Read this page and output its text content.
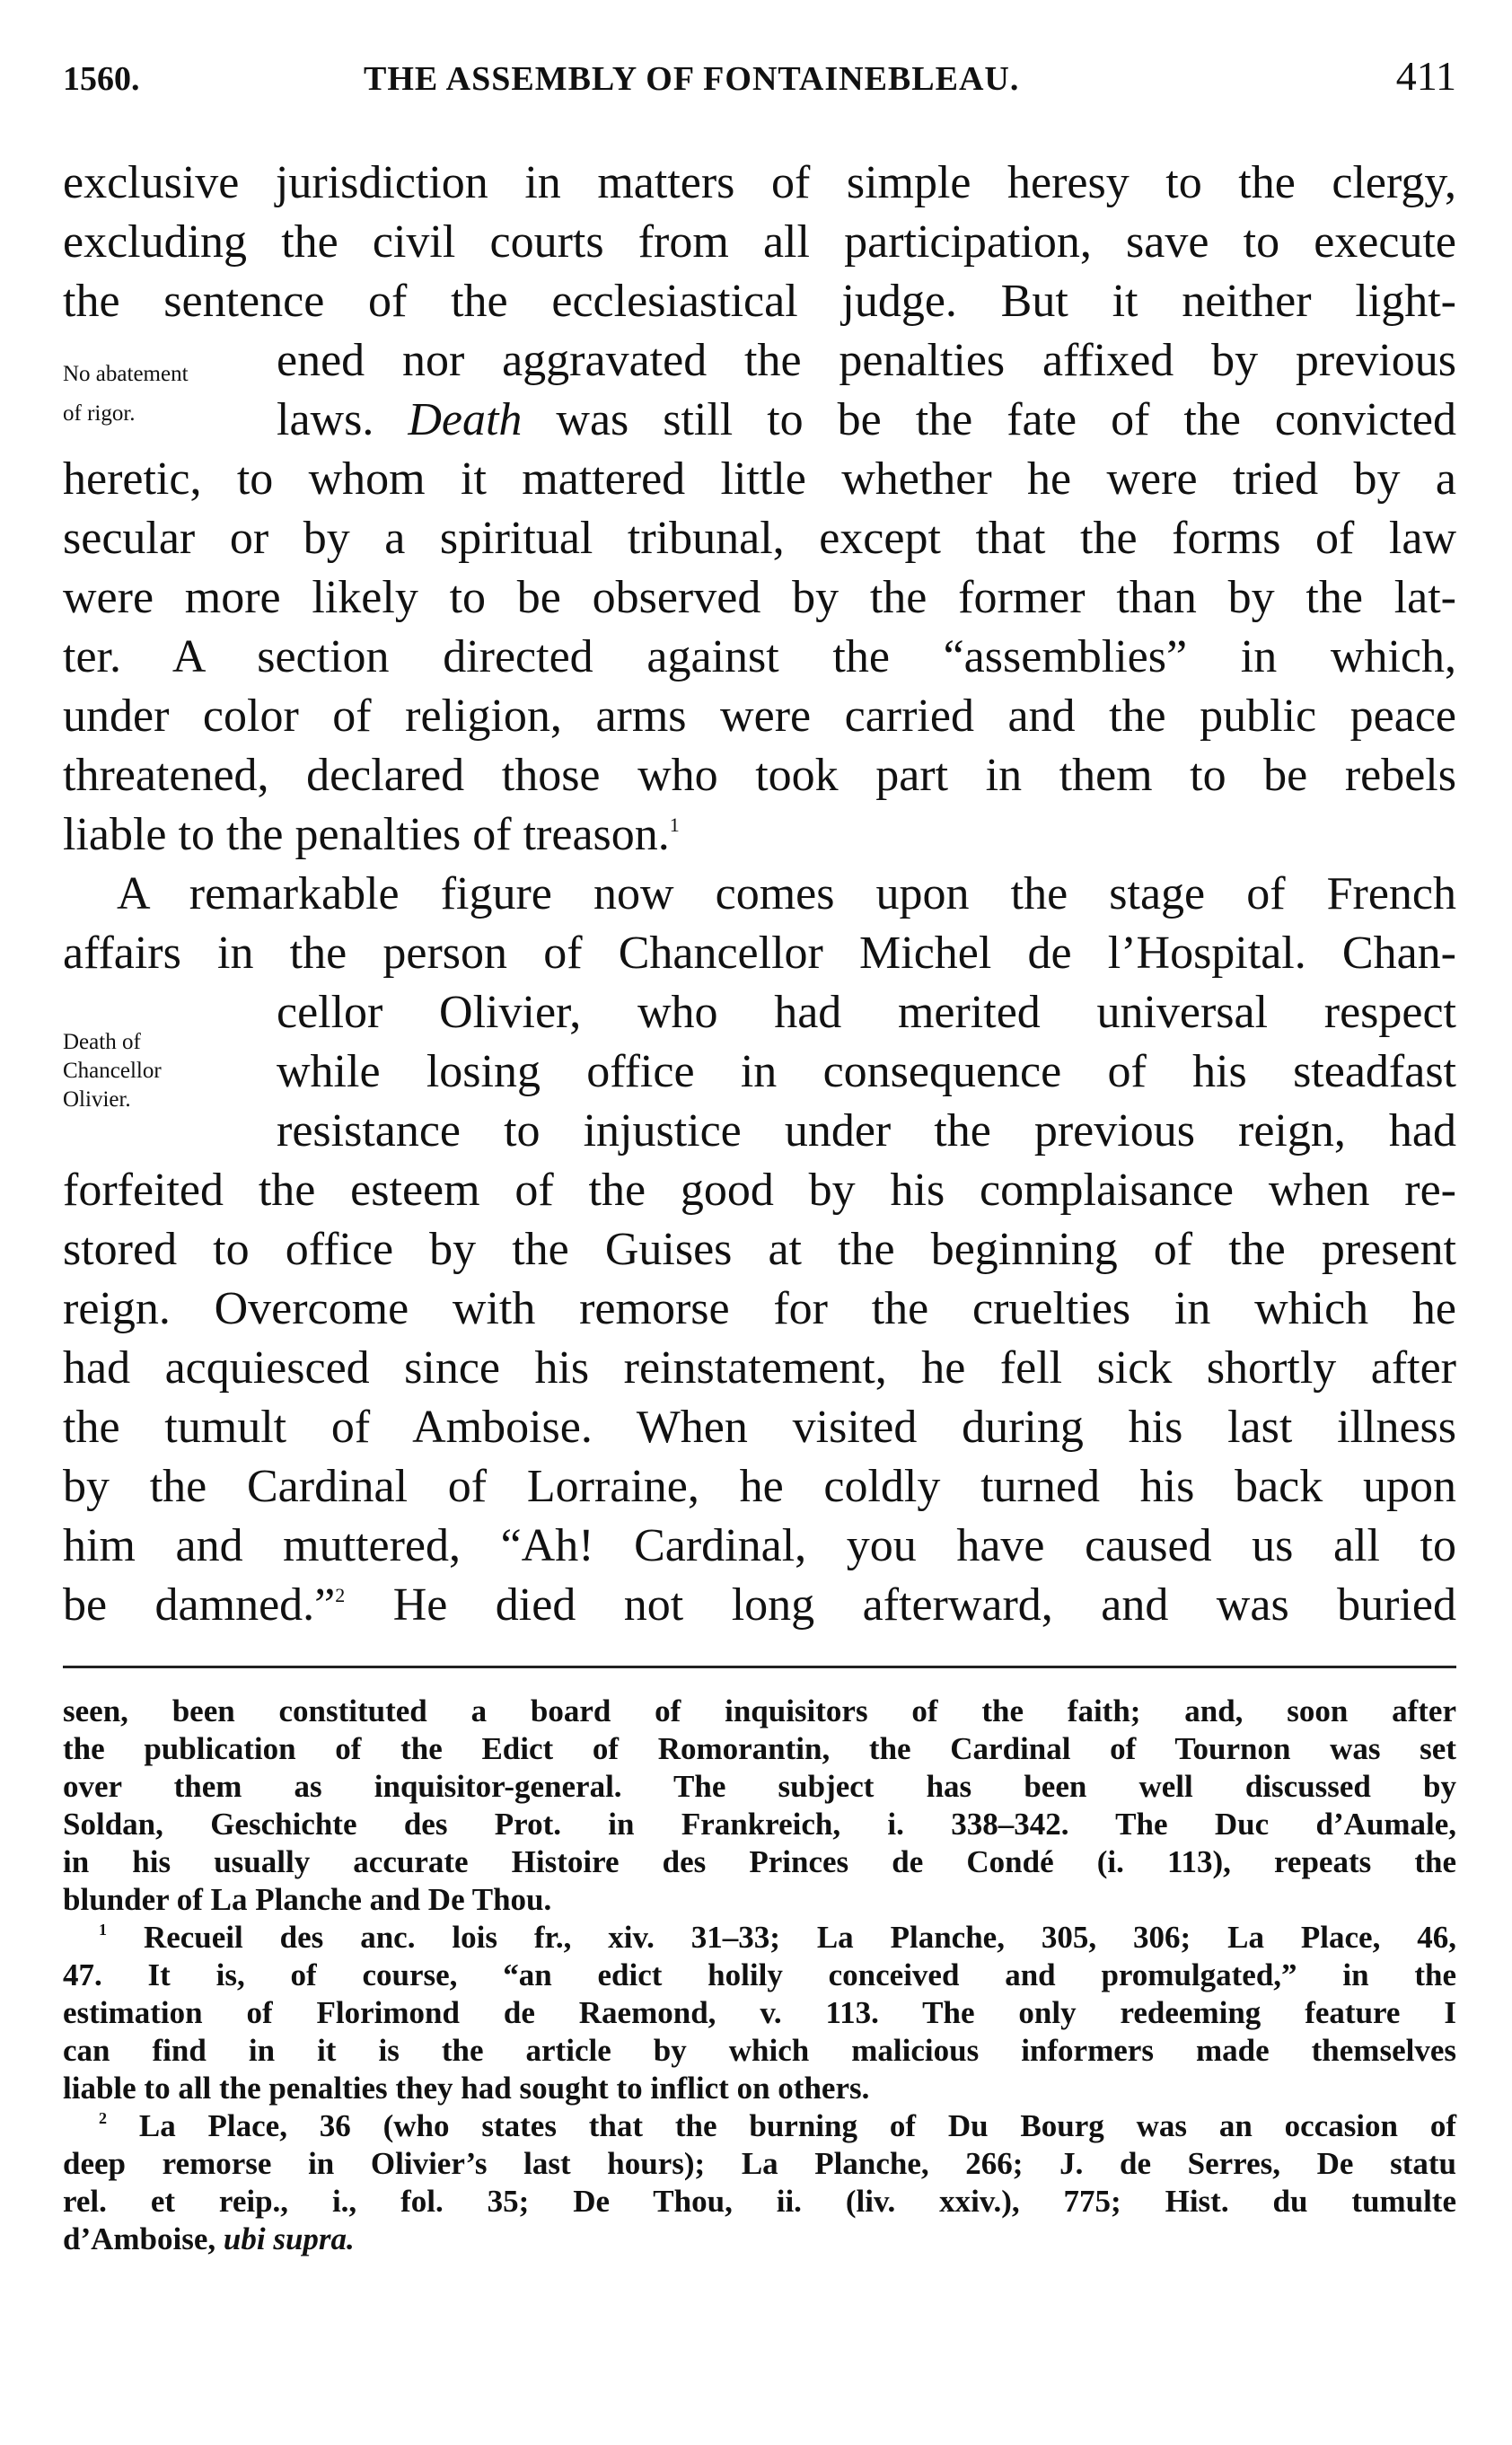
1560.	THE ASSEMBLY OF FONTAINEBLEAU.	411
No abatement
of rigor.
Death of
Chancellor
Olivier.
exclusive jurisdiction in matters of simple heresy to the clergy,
excluding the civil courts from all participation, save to execute
the sentence of the ecclesiastical judge. But it neither light-
ened nor aggravated the penalties affixed by previous
laws. Death was still to be the fate of the convicted
heretic, to whom it mattered little whether he were tried by a
secular or by a spiritual tribunal, except that the forms of law
were more likely to be observed by the former than by the lat-
ter. A section directed against the “assemblies” in which,
under color of religion, arms were carried and the public peace
threatened, declared those who took part in them to be rebels
liable to the penalties of treason.$^1$
A remarkable figure now comes upon the stage of French
affairs in the person of Chancellor Michel de l’Hospital. Chan-
cellor Olivier, who had merited universal respect
while losing office in consequence of his steadfast
resistance to injustice under the previous reign, had
forfeited the esteem of the good by his complaisance when re-
stored to office by the Guises at the beginning of the present
reign. Overcome with remorse for the cruelties in which he
had acquiesced since his reinstatement, he fell sick shortly after
the tumult of Amboise. When visited during his last illness
by the Cardinal of Lorraine, he coldly turned his back upon
him and muttered, “Ah! Cardinal, you have caused us all to
be damned.”$^2$ He died not long afterward, and was buried
seen, been constituted a board of inquisitors of the faith; and, soon after
the publication of the Edict of Romorantin, the Cardinal of Tournon was set
over them as inquisitor-general. The subject has been well discussed by
Soldan, Geschichte des Prot. in Frankreich, i. 338–342. The Duc d’Aumale,
in his usually accurate Histoire des Princes de Condé (i. 113), repeats the
blunder of La Planche and De Thou.
$^1$ Recueil des anc. lois fr., xiv. 31–33; La Planche, 305, 306; La Place, 46,
47. It is, of course, “an edict holily conceived and promulgated,” in the
estimation of Florimond de Raemond, v. 113. The only redeeming feature I
can find in it is the article by which malicious informers made themselves
liable to all the penalties they had sought to inflict on others.
$^2$ La Place, 36 (who states that the burning of Du Bourg was an occasion of
deep remorse in Olivier’s last hours); La Planche, 266; J. de Serres, De statu
rel. et reip., i., fol. 35; De Thou, ii. (liv. xxiv.), 775; Hist. du tumulte
d’Amboise, ubi supra.
